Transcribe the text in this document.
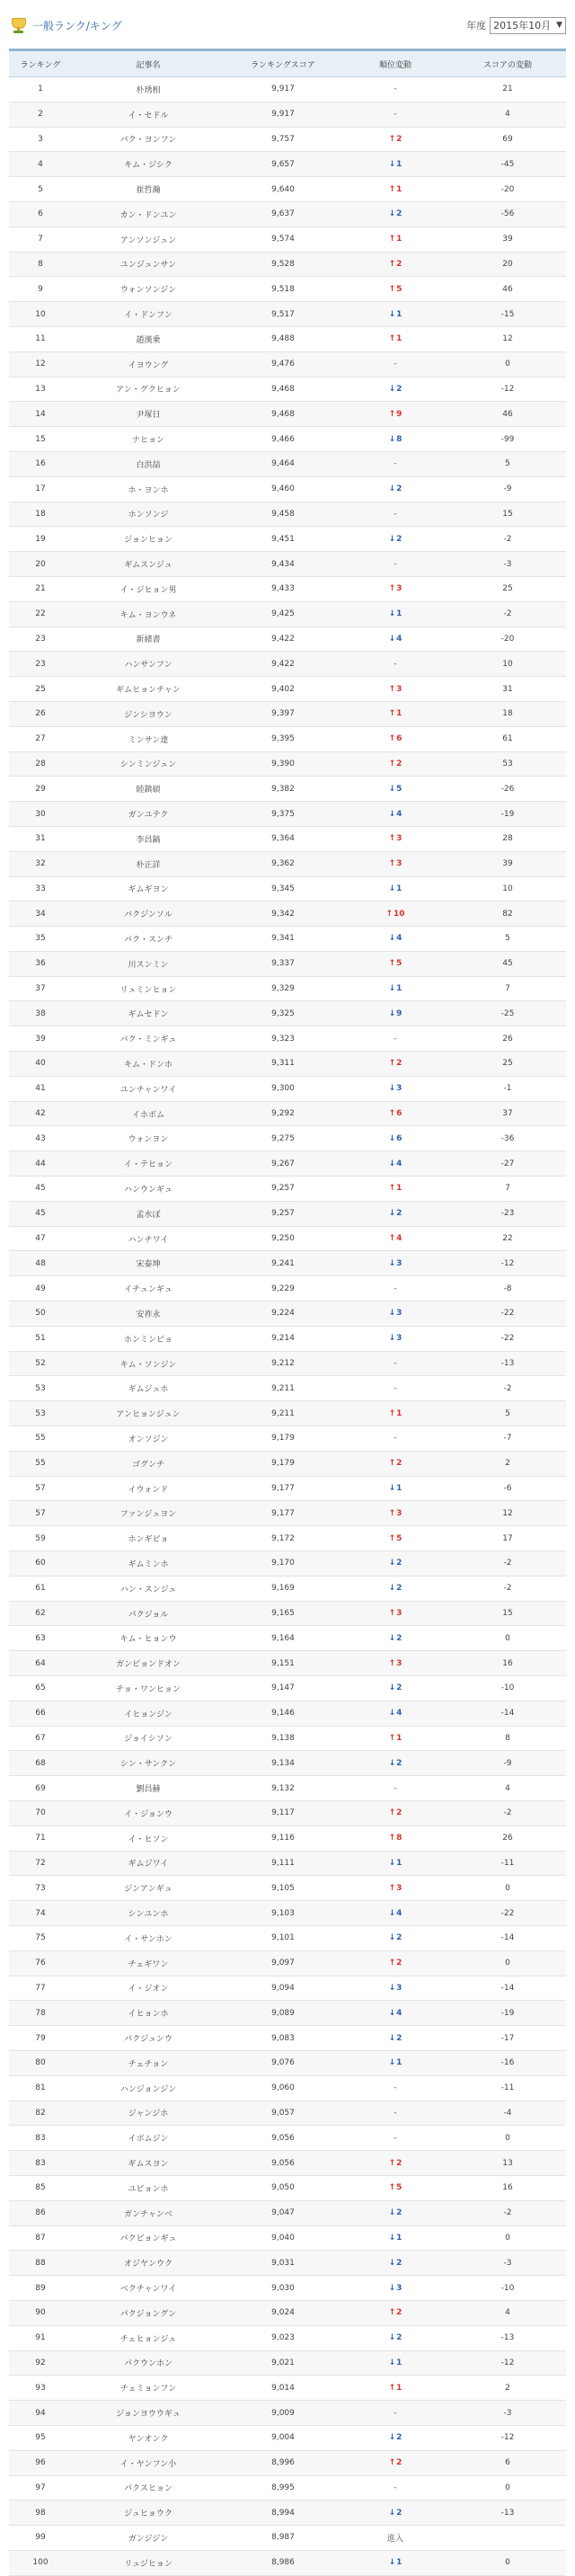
一般ランク/キング	年度 2015年10月 ▼
ランキング	記事名	ランキングスコア	順位変動	スコアの変動
1	朴琇相	9,917	-	21
2	イ・セドル	9,917	-	4
3	パク・ヨンフン	9,757	↑ 2	69
4	キム・ジシク	9,657	↓ 1	-45
5	崔哲瀚	9,640	↑ 1	-20
6	カン・ドンユン	9,637	↓ 2	-56
7	アンソンジュン	9,574	↑ 1	39
8	ユンジュンサン	9,528	↑ 2	20
9	ウォンソンジン	9,518	↑ 5	46
10	イ・ドンフン	9,517	↓ 1	-15
11	趙漢乗	9,488	↑ 1	12
12	イヨウング	9,476	-	0
13	アン・グクヒョン	9,468	↓ 2	-12
14	尹塚日	9,468	↑ 9	46
15	ナヒョン	9,466	↓ 8	-99
16	白洪喆	9,464	-	5
17	ホ・ヨンホ	9,460	↓ 2	-9
18	ホンソンジ	9,458	-	15
19	ジョンヒョン	9,451	↓ 2	-2
20	ギムスンジュ	9,434	-	-3
21	イ・ジヒョン男	9,433	↑ 3	25
22	キム・ヨンウネ	9,425	↓ 1	-2
23	新緒書	9,422	↓ 4	-20
23	ハンサンフン	9,422	-	10
25	ギムヒョンチャン	9,402	↑ 3	31
26	ジンシヨウン	9,397	↑ 1	18
27	ミンサン達	9,395	↑ 6	61
28	シンミンジュン	9,390	↑ 2	53
29	睦鎮碩	9,382	↓ 5	-26
30	ガンユテク	9,375	↓ 4	-19
31	李昌鎬	9,364	↑ 3	28
32	朴正詳	9,362	↑ 3	39
33	ギムギヨン	9,345	↓ 1	10
34	パクジンソル	9,342	↑ 10	82
35	パク・スンチ	9,341	↓ 4	5
36	川スンミン	9,337	↑ 5	45
37	リュミンヒョン	9,329	↓ 1	7
38	ギムセドン	9,325	↓ 9	-25
39	パク・ミンギュ	9,323	-	26
40	キム・ドンホ	9,311	↑ 2	25
41	ユンチャンワイ	9,300	↓ 3	-1
42	イホボム	9,292	↑ 6	37
43	ウォンヨン	9,275	↓ 6	-36
44	イ・テヒョン	9,267	↓ 4	-27
45	ハンウンギュ	9,257	↑ 1	7
45	孟水ぼ	9,257	↓ 2	-23
47	ハンチワイ	9,250	↑ 4	22
48	宋泰坤	9,241	↓ 3	-12
49	イチュンギュ	9,229	-	-8
50	安祚永	9,224	↓ 3	-22
51	ホンミンピョ	9,214	↓ 3	-22
52	キム・ソンジン	9,212	-	-13
53	ギムジュホ	9,211	-	-2
53	アンヒョンジュン	9,211	↑ 1	5
55	オンソジン	9,179	-	-7
55	ゴグンチ	9,179	↑ 2	2
57	イウォンド	9,177	↓ 1	-6
57	ファンジュヨン	9,177	↑ 3	12
59	ホンギピョ	9,172	↑ 5	17
60	ギムミンホ	9,170	↓ 2	-2
61	ハン・スンジュ	9,169	↓ 2	-2
62	パクジョル	9,165	↑ 3	15
63	キム・ヒョンウ	9,164	↓ 2	0
64	ガンビョンドオン	9,151	↑ 3	16
65	チョ・ワンヒョン	9,147	↓ 2	-10
66	イヒョンジン	9,146	↓ 4	-14
67	ジョイシソン	9,138	↑ 1	8
68	シン・サンクン	9,134	↓ 2	-9
69	劉昌赫	9,132	-	4
70	イ・ジョンウ	9,117	↑ 2	-2
71	イ・ヒソン	9,116	↑ 8	26
72	ギムジワイ	9,111	↓ 1	-11
73	ジンアンギュ	9,105	↑ 3	0
74	シンユンホ	9,103	↓ 4	-22
75	イ・サンホン	9,101	↓ 2	-14
76	チェギワン	9,097	↑ 2	0
77	イ・ジオン	9,094	↓ 3	-14
78	イヒョンホ	9,089	↓ 4	-19
79	パクジュンウ	9,083	↓ 2	-17
80	チェチョン	9,076	↓ 1	-16
81	ハンジョンジン	9,060	-	-11
82	ジャンジホ	9,057	-	-4
83	イボムジン	9,056	-	0
83	ギムスヨン	9,056	↑ 2	13
85	ユビョンホ	9,050	↑ 5	16
86	ガンチャンベ	9,047	↓ 2	-2
87	パクビョンギュ	9,040	↓ 1	0
88	オジヤンウク	9,031	↓ 2	-3
89	ベクチャンワイ	9,030	↓ 3	-10
90	パクジョングン	9,024	↑ 2	4
91	チェヒョンジュ	9,023	↓ 2	-13
92	パクウンホン	9,021	↓ 1	-12
93	チェミョンフン	9,014	↑ 1	2
94	ジョンヨウウギュ	9,009	-	-3
95	ヤンオンク	9,004	↓ 2	-12
96	イ・ヤンフン小	8,996	↑ 2	6
97	パクスヒョン	8,995	-	0
98	ジュヒョウク	8,994	↓ 2	-13
99	ガンジジン	8,987	進入	
100	リュジヒョン	8,986	↓ 1	0
